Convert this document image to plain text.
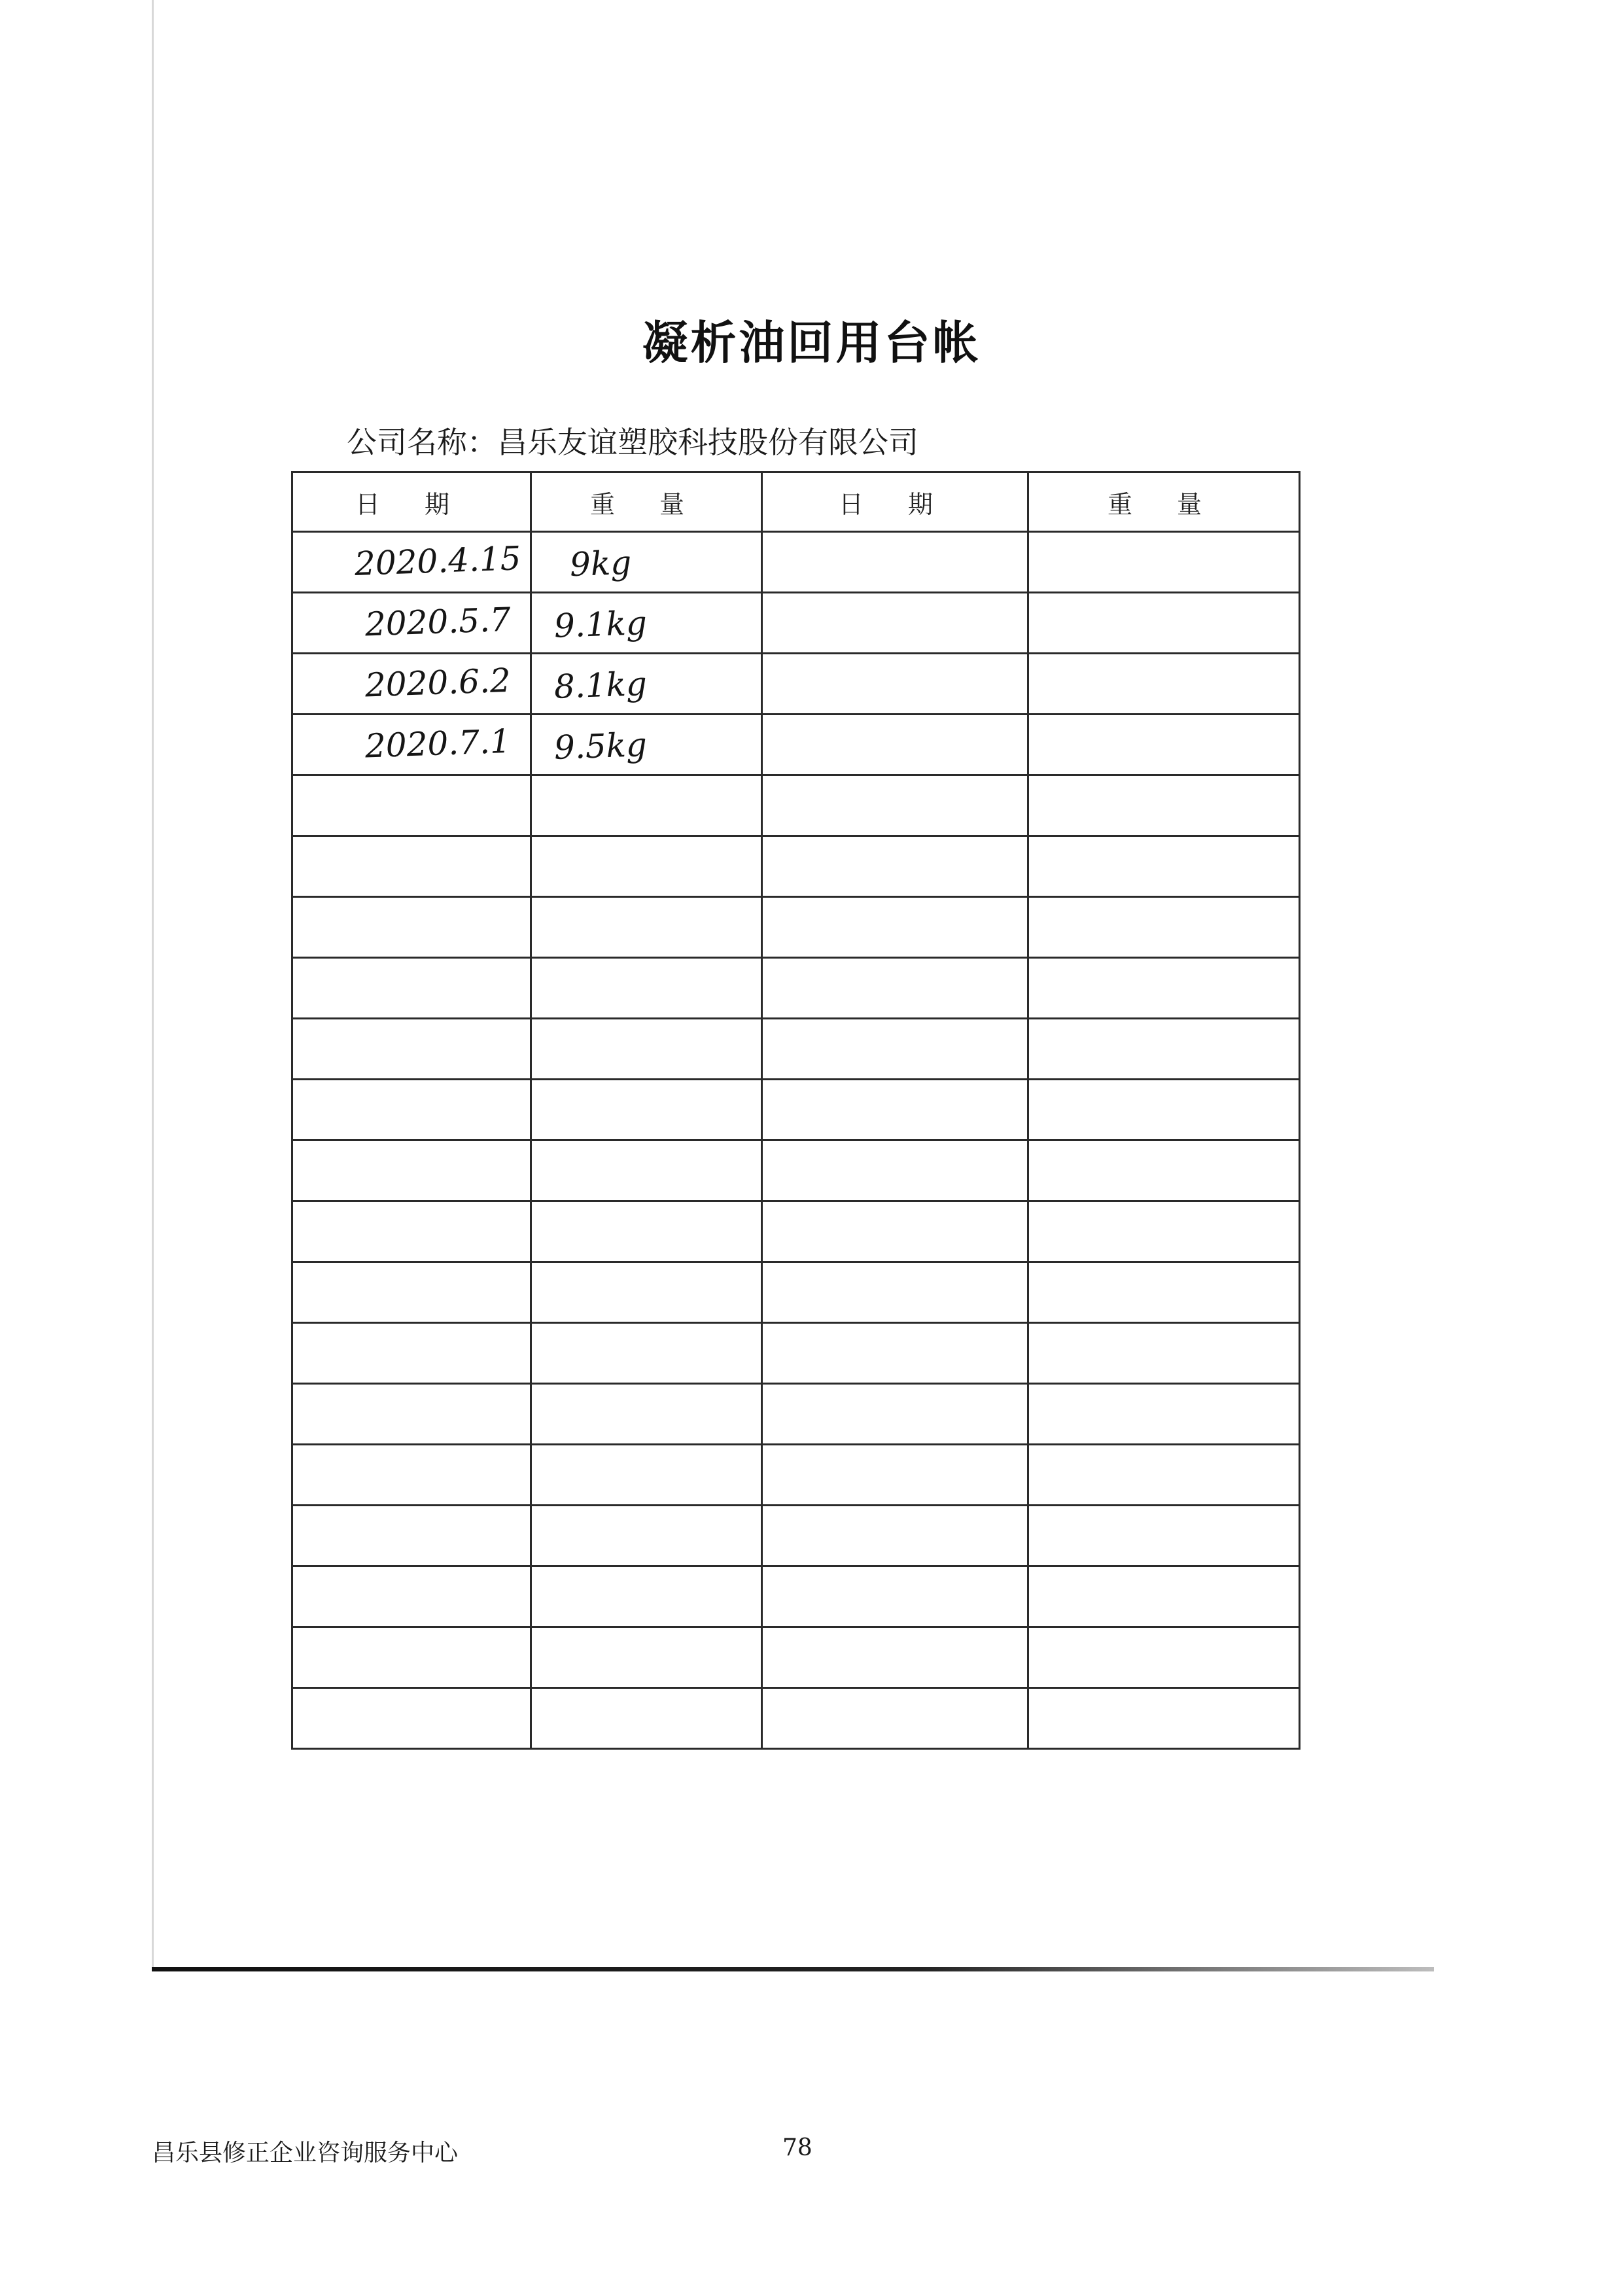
凝析油回用台帐
公司名称：昌乐友谊塑胶科技股份有限公司
日 期	重 量	日 期	重 量
2020.4.15	9kg		
2020.5.7	9.1kg		
2020.6.2	8.1kg		
2020.7.1	9.5kg		

昌乐县修正企业咨询服务中心	78
